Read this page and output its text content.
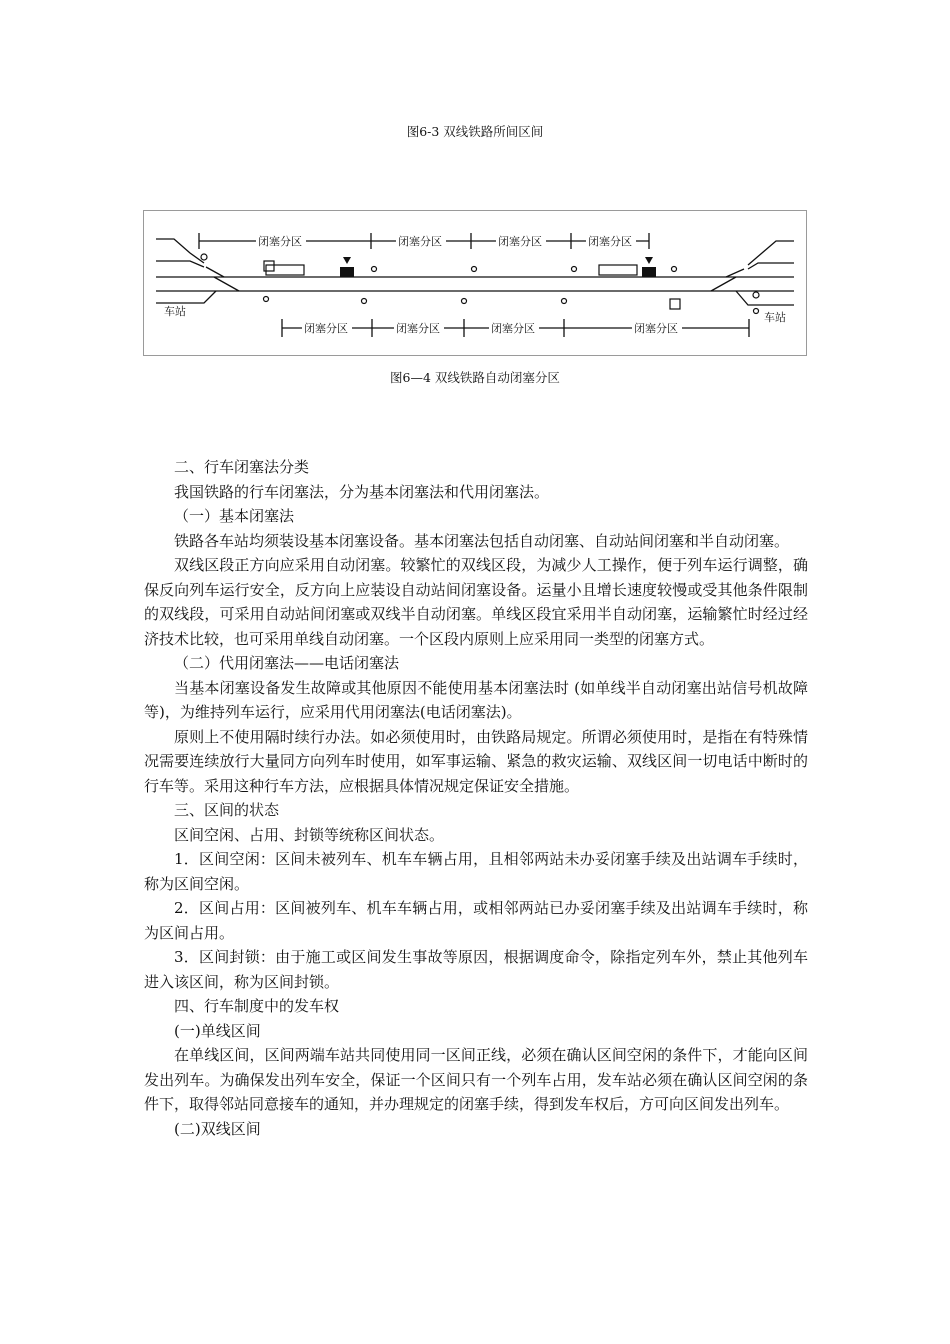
图6-3 双线铁路所间区间
闭塞分区	闭塞分区	闭塞分区	闭塞分区
闭塞分区	闭塞分区	闭塞分区	闭塞分区
车站	车站
图6—4 双线铁路自动闭塞分区

二、行车闭塞法分类

我国铁路的行车闭塞法，分为基本闭塞法和代用闭塞法。

（一）基本闭塞法

铁路各车站均须装设基本闭塞设备。基本闭塞法包括自动闭塞、自动站间闭塞和半自动闭塞。

双线区段正方向应采用自动闭塞。较繁忙的双线区段，为减少人工操作，便于列车运行调整，确保反向列车运行安全，反方向上应装设自动站间闭塞设备。运量小且增长速度较慢或受其他条件限制的双线段，可采用自动站间闭塞或双线半自动闭塞。单线区段宜采用半自动闭塞，运输繁忙时经过经济技术比较，也可采用单线自动闭塞。一个区段内原则上应采用同一类型的闭塞方式。

（二）代用闭塞法——电话闭塞法

当基本闭塞设备发生故障或其他原因不能使用基本闭塞法时 (如单线半自动闭塞出站信号机故障等)，为维持列车运行，应采用代用闭塞法(电话闭塞法)。

原则上不使用隔时续行办法。如必须使用时，由铁路局规定。所谓必须使用时，是指在有特殊情况需要连续放行大量同方向列车时使用，如军事运输、紧急的救灾运输、双线区间一切电话中断时的行车等。采用这种行车方法，应根据具体情况规定保证安全措施。

三、区间的状态

区间空闲、占用、封锁等统称区间状态。

1．区间空闲：区间未被列车、机车车辆占用，且相邻两站未办妥闭塞手续及出站调车手续时，称为区间空闲。

2．区间占用：区间被列车、机车车辆占用，或相邻两站已办妥闭塞手续及出站调车手续时，称为区间占用。

3．区间封锁：由于施工或区间发生事故等原因，根据调度命令，除指定列车外，禁止其他列车进入该区间，称为区间封锁。

四、行车制度中的发车权

(一)单线区间

在单线区间，区间两端车站共同使用同一区间正线，必须在确认区间空闲的条件下，才能向区间发出列车。为确保发出列车安全，保证一个区间只有一个列车占用，发车站必须在确认区间空闲的条件下，取得邻站同意接车的通知，并办理规定的闭塞手续，得到发车权后，方可向区间发出列车。

(二)双线区间
